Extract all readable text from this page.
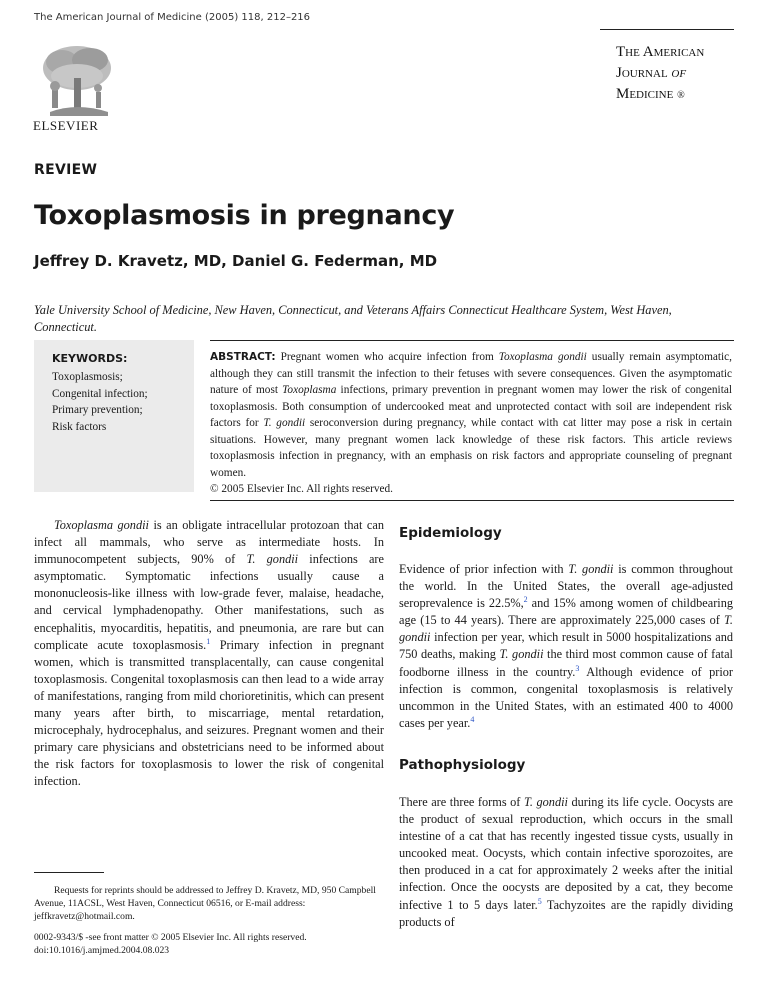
The American Journal of Medicine (2005) 118, 212–216
ELSEVIER
The American
Journal of
Medicine ®
REVIEW
Toxoplasmosis in pregnancy
Jeffrey D. Kravetz, MD, Daniel G. Federman, MD
Yale University School of Medicine, New Haven, Connecticut, and Veterans Affairs Connecticut Healthcare System, West Haven, Connecticut.
KEYWORDS:
Toxoplasmosis;
Congenital infection;
Primary prevention;
Risk factors
ABSTRACT: Pregnant women who acquire infection from Toxoplasma gondii usually remain asymptomatic, although they can still transmit the infection to their fetuses with severe consequences. Given the asymptomatic nature of most Toxoplasma infections, primary prevention in pregnant women may lower the risk of congenital toxoplasmosis. Both consumption of undercooked meat and unprotected contact with soil are independent risk factors for T. gondii seroconversion during pregnancy, while contact with cat litter may pose a risk in certain situations. However, many pregnant women lack knowledge of these risk factors. This article reviews toxoplasmosis infection in pregnancy, with an emphasis on risk factors and appropriate counseling of pregnant women.
© 2005 Elsevier Inc. All rights reserved.
Toxoplasma gondii is an obligate intracellular protozoan that can infect all mammals, who serve as intermediate hosts. In immunocompetent subjects, 90% of T. gondii infections are asymptomatic. Symptomatic infections usually cause a mononucleosis-like illness with low-grade fever, malaise, headache, and cervical lymphadenopathy. Other manifestations, such as encephalitis, myocarditis, hepatitis, and pneumonia, are rare but can complicate acute toxoplasmosis.$^1$ Primary infection in pregnant women, which is transmitted transplacentally, can cause congenital toxoplasmosis. Congenital toxoplasmosis can then lead to a wide array of manifestations, ranging from mild chorioretinitis, which can present many years after birth, to miscarriage, mental retardation, microcephaly, hydrocephalus, and seizures. Pregnant women and their primary care physicians and obstetricians need to be informed about the risk factors for toxoplasmosis to lower the risk of congenital infection.
Requests for reprints should be addressed to Jeffrey D. Kravetz, MD, 950 Campbell Avenue, 11ACSL, West Haven, Connecticut 06516, or E-mail address: jeffkravetz@hotmail.com.
0002-9343/$ -see front matter © 2005 Elsevier Inc. All rights reserved.
doi:10.1016/j.amjmed.2004.08.023
Epidemiology
Evidence of prior infection with T. gondii is common throughout the world. In the United States, the overall age-adjusted seroprevalence is 22.5%,$^2$ and 15% among women of childbearing age (15 to 44 years). There are approximately 225,000 cases of T. gondii infection per year, which result in 5000 hospitalizations and 750 deaths, making T. gondii the third most common cause of fatal foodborne illness in the country.$^3$ Although evidence of prior infection is common, congenital toxoplasmosis is relatively uncommon in the United States, with an estimated 400 to 4000 cases per year.$^4$
Pathophysiology
There are three forms of T. gondii during its life cycle. Oocysts are the product of sexual reproduction, which occurs in the small intestine of a cat that has recently ingested tissue cysts, usually in uncooked meat. Oocysts, which contain infective sporozoites, are then produced in a cat for approximately 2 weeks after the initial infection. Once the oocysts are deposited by a cat, they become infective 1 to 5 days later.$^5$ Tachyzoites are the rapidly dividing products of
